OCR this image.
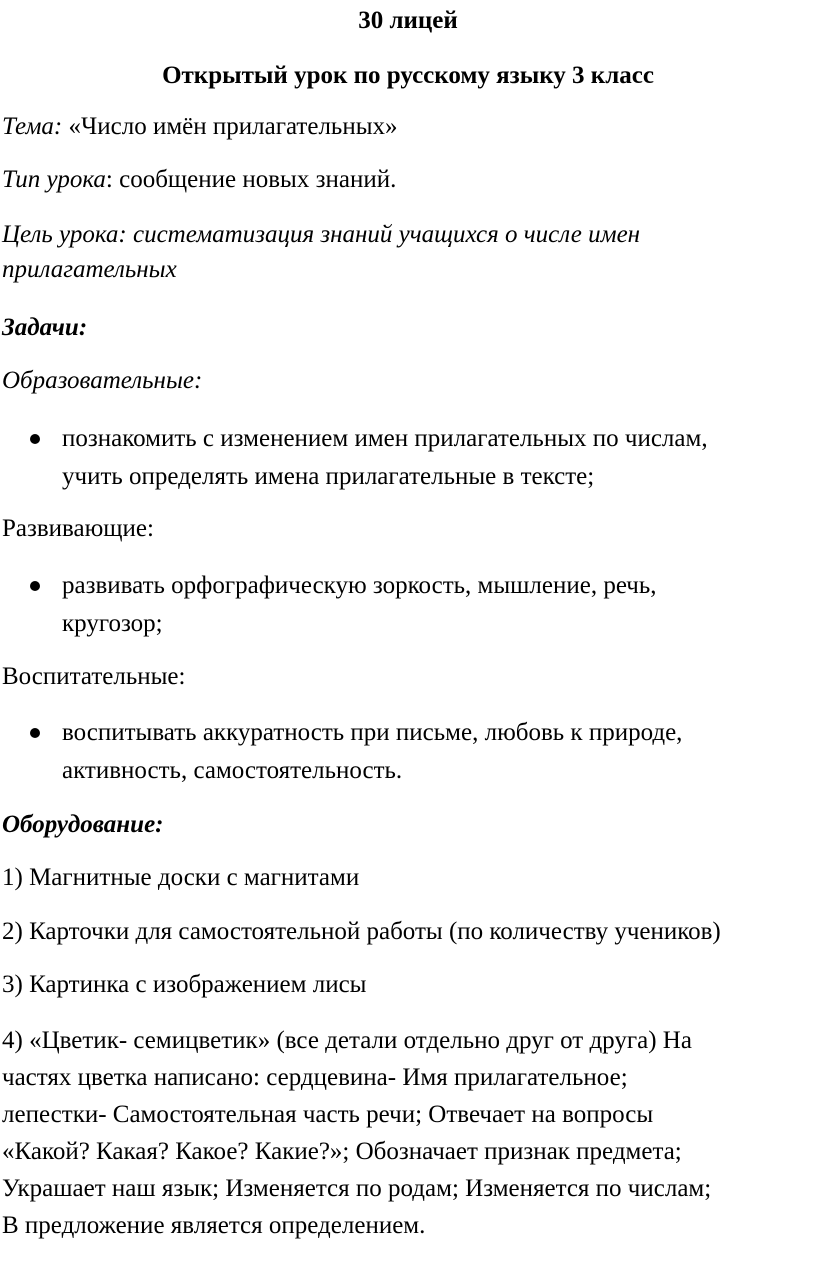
30 лицей
Открытый урок по русскому языку 3 класс
Тема: «Число имён прилагательных»
Тип урока: сообщение новых знаний.
Цель урока: систематизация знаний учащихся о числе имен
прилагательных
Задачи:
Образовательные:
познакомить с изменением имен прилагательных по числам,
учить определять имена прилагательные в тексте;
Развивающие:
развивать орфографическую зоркость, мышление, речь,
кругозор;
Воспитательные:
воспитывать аккуратность при письме, любовь к природе,
активность, самостоятельность.
Оборудование:
1) Магнитные доски с магнитами
2) Карточки для самостоятельной работы (по количеству учеников)
3) Картинка с изображением лисы
4) «Цветик- семицветик» (все детали отдельно друг от друга) На
частях цветка написано: сердцевина- Имя прилагательное;
лепестки- Самостоятельная часть речи; Отвечает на вопросы
«Какой? Какая? Какое? Какие?»; Обозначает признак предмета;
Украшает наш язык; Изменяется по родам; Изменяется по числам;
В предложение является определением.
